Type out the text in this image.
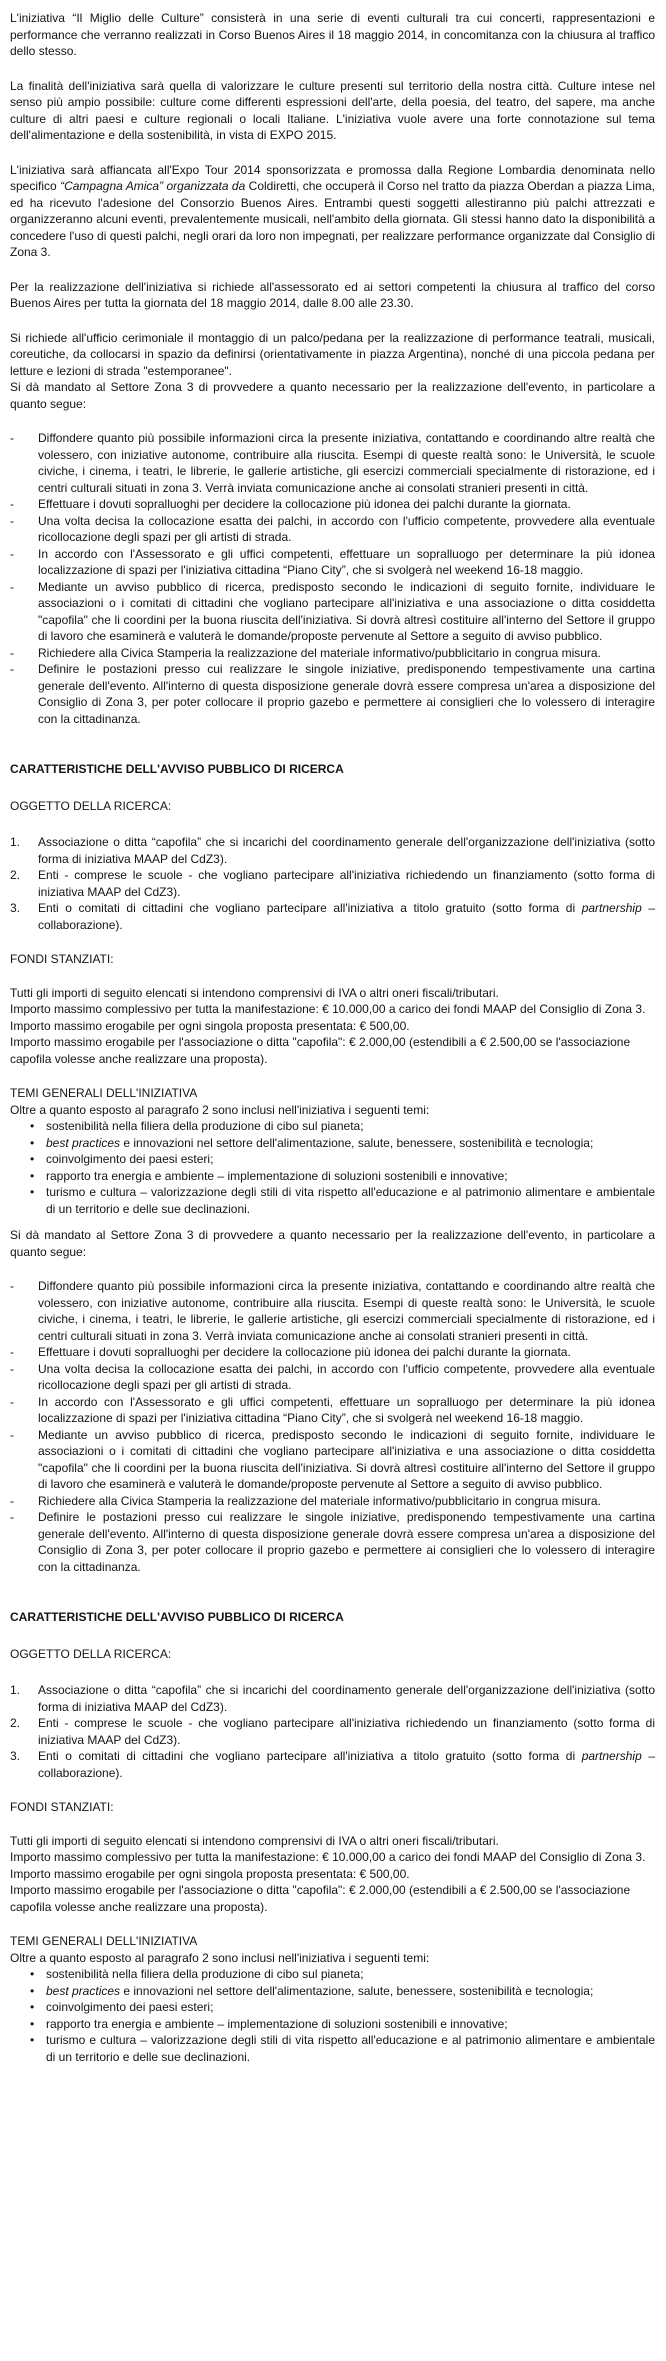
L'iniziativa “Il Miglio delle Culture” consisterà in una serie di eventi culturali tra cui concerti, rappresentazioni e performance che verranno realizzati in Corso Buenos Aires il 18 maggio 2014, in concomitanza con la chiusura al traffico dello stesso.

La finalità dell'iniziativa sarà quella di valorizzare le culture presenti sul territorio della nostra città. Culture intese nel senso più ampio possibile: culture come differenti espressioni dell'arte, della poesia, del teatro, del sapere, ma anche culture di altri paesi e culture regionali o locali Italiane. L'iniziativa vuole avere una forte connotazione sul tema dell'alimentazione e della sostenibilità, in vista di EXPO 2015.

L'iniziativa sarà affiancata all'Expo Tour 2014 sponsorizzata e promossa dalla Regione Lombardia denominata nello specifico “Campagna Amica” organizzata da Coldiretti, che occuperà il Corso nel tratto da piazza Oberdan a piazza Lima, ed ha ricevuto l'adesione del Consorzio Buenos Aires. Entrambi questi soggetti allestiranno più palchi attrezzati e organizzeranno alcuni eventi, prevalentemente musicali, nell'ambito della giornata. Gli stessi hanno dato la disponibilità a concedere l'uso di questi palchi, negli orari da loro non impegnati, per realizzare performance organizzate dal Consiglio di Zona 3.

Per la realizzazione dell'iniziativa si richiede all'assessorato ed ai settori competenti la chiusura al traffico del corso Buenos Aires per tutta la giornata del 18 maggio 2014, dalle 8.00 alle 23.30.

Si richiede all'ufficio cerimoniale il montaggio di un palco/pedana per la realizzazione di performance teatrali, musicali, coreutiche, da collocarsi in spazio da definirsi (orientativamente in piazza Argentina), nonché di una piccola pedana per letture e lezioni di strada "estemporanee".

Si dà mandato al Settore Zona 3 di provvedere a quanto necessario per la realizzazione dell'evento, in particolare a quanto segue:

-	Diffondere quanto più possibile informazioni circa la presente iniziativa, contattando e coordinando altre realtà che volessero, con iniziative autonome, contribuire alla riuscita. Esempi di queste realtà sono: le Università, le scuole civiche, i cinema, i teatri, le librerie, le gallerie artistiche, gli esercizi commerciali specialmente di ristorazione, ed i centri culturali situati in zona 3. Verrà inviata comunicazione anche ai consolati stranieri presenti in città.
-	Effettuare i dovuti sopralluoghi per decidere la collocazione più idonea dei palchi durante la giornata.
-	Una volta decisa la collocazione esatta dei palchi, in accordo con l'ufficio competente, provvedere alla eventuale ricollocazione degli spazi per gli artisti di strada.
-	In accordo con l'Assessorato e gli uffici competenti, effettuare un sopralluogo per determinare la più idonea localizzazione di spazi per l'iniziativa cittadina “Piano City”, che si svolgerà nel weekend 16-18 maggio.
-	Mediante un avviso pubblico di ricerca, predisposto secondo le indicazioni di seguito fornite, individuare le associazioni o i comitati di cittadini che vogliano partecipare all'iniziativa e una associazione o ditta cosiddetta "capofila" che li coordini per la buona riuscita dell'iniziativa. Si dovrà altresì costituire all'interno del Settore il gruppo di lavoro che esaminerà e valuterà le domande/proposte pervenute al Settore a seguito di avviso pubblico.
-	Richiedere alla Civica Stamperia la realizzazione del materiale informativo/pubblicitario in congrua misura.
-	Definire le postazioni presso cui realizzare le singole iniziative, predisponendo tempestivamente una cartina generale dell'evento. All'interno di questa disposizione generale dovrà essere compresa un'area a disposizione del Consiglio di Zona 3, per poter collocare il proprio gazebo e permettere ai consiglieri che lo volessero di interagire con la cittadinanza.
CARATTERISTICHE DELL'AVVISO PUBBLICO DI RICERCA
OGGETTO DELLA RICERCA:
1.	Associazione o ditta “capofila” che si incarichi del coordinamento generale dell'organizzazione dell'iniziativa (sotto forma di iniziativa MAAP del CdZ3).
2.	Enti - comprese le scuole - che vogliano partecipare all'iniziativa richiedendo un finanziamento (sotto forma di iniziativa MAAP del CdZ3).
3.	Enti o comitati di cittadini che vogliano partecipare all'iniziativa a titolo gratuito (sotto forma di partnership – collaborazione).
FONDI STANZIATI:

Tutti gli importi di seguito elencati si intendono comprensivi di IVA o altri oneri fiscali/tributari.

Importo massimo complessivo per tutta la manifestazione: € 10.000,00 a carico dei fondi MAAP del Consiglio di Zona 3.

Importo massimo erogabile per ogni singola proposta presentata: € 500,00.

Importo massimo erogabile per l'associazione o ditta "capofila": € 2.000,00 (estendibili a € 2.500,00 se l'associazione capofila volesse anche realizzare una proposta).

TEMI GENERALI DELL'INIZIATIVA
Oltre a quanto esposto al paragrafo 2 sono inclusi nell'iniziativa i seguenti temi:
• sostenibilità nella filiera della produzione di cibo sul pianeta;
• best practices e innovazioni nel settore dell'alimentazione, salute, benessere, sostenibilità e tecnologia;
• coinvolgimento dei paesi esteri;
• rapporto tra energia e ambiente – implementazione di soluzioni sostenibili e innovative;
• turismo e cultura – valorizzazione degli stili di vita rispetto all'educazione e al patrimonio alimentare e ambientale di un territorio e delle sue declinazioni.

Si dà mandato al Settore Zona 3 di provvedere a quanto necessario per la realizzazione dell'evento, in particolare a quanto segue:

-	Diffondere quanto più possibile informazioni circa la presente iniziativa, contattando e coordinando altre realtà che volessero, con iniziative autonome, contribuire alla riuscita. Esempi di queste realtà sono: le Università, le scuole civiche, i cinema, i teatri, le librerie, le gallerie artistiche, gli esercizi commerciali specialmente di ristorazione, ed i centri culturali situati in zona 3. Verrà inviata comunicazione anche ai consolati stranieri presenti in città.
-	Effettuare i dovuti sopralluoghi per decidere la collocazione più idonea dei palchi durante la giornata.
-	Una volta decisa la collocazione esatta dei palchi, in accordo con l'ufficio competente, provvedere alla eventuale ricollocazione degli spazi per gli artisti di strada.
-	In accordo con l'Assessorato e gli uffici competenti, effettuare un sopralluogo per determinare la più idonea localizzazione di spazi per l'iniziativa cittadina “Piano City”, che si svolgerà nel weekend 16-18 maggio.
-	Mediante un avviso pubblico di ricerca, predisposto secondo le indicazioni di seguito fornite, individuare le associazioni o i comitati di cittadini che vogliano partecipare all'iniziativa e una associazione o ditta cosiddetta "capofila" che li coordini per la buona riuscita dell'iniziativa. Si dovrà altresì costituire all'interno del Settore il gruppo di lavoro che esaminerà e valuterà le domande/proposte pervenute al Settore a seguito di avviso pubblico.
-	Richiedere alla Civica Stamperia la realizzazione del materiale informativo/pubblicitario in congrua misura.
-	Definire le postazioni presso cui realizzare le singole iniziative, predisponendo tempestivamente una cartina generale dell'evento. All'interno di questa disposizione generale dovrà essere compresa un'area a disposizione del Consiglio di Zona 3, per poter collocare il proprio gazebo e permettere ai consiglieri che lo volessero di interagire con la cittadinanza.
CARATTERISTICHE DELL'AVVISO PUBBLICO DI RICERCA
OGGETTO DELLA RICERCA:
1.	Associazione o ditta “capofila” che si incarichi del coordinamento generale dell'organizzazione dell'iniziativa (sotto forma di iniziativa MAAP del CdZ3).
2.	Enti - comprese le scuole - che vogliano partecipare all'iniziativa richiedendo un finanziamento (sotto forma di iniziativa MAAP del CdZ3).
3.	Enti o comitati di cittadini che vogliano partecipare all'iniziativa a titolo gratuito (sotto forma di partnership – collaborazione).
FONDI STANZIATI:

Tutti gli importi di seguito elencati si intendono comprensivi di IVA o altri oneri fiscali/tributari.

Importo massimo complessivo per tutta la manifestazione: € 10.000,00 a carico dei fondi MAAP del Consiglio di Zona 3.

Importo massimo erogabile per ogni singola proposta presentata: € 500,00.

Importo massimo erogabile per l'associazione o ditta "capofila": € 2.000,00 (estendibili a € 2.500,00 se l'associazione capofila volesse anche realizzare una proposta).

TEMI GENERALI DELL'INIZIATIVA
Oltre a quanto esposto al paragrafo 2 sono inclusi nell'iniziativa i seguenti temi:
• sostenibilità nella filiera della produzione di cibo sul pianeta;
• best practices e innovazioni nel settore dell'alimentazione, salute, benessere, sostenibilità e tecnologia;
• coinvolgimento dei paesi esteri;
• rapporto tra energia e ambiente – implementazione di soluzioni sostenibili e innovative;
• turismo e cultura – valorizzazione degli stili di vita rispetto all'educazione e al patrimonio alimentare e ambientale di un territorio e delle sue declinazioni.
